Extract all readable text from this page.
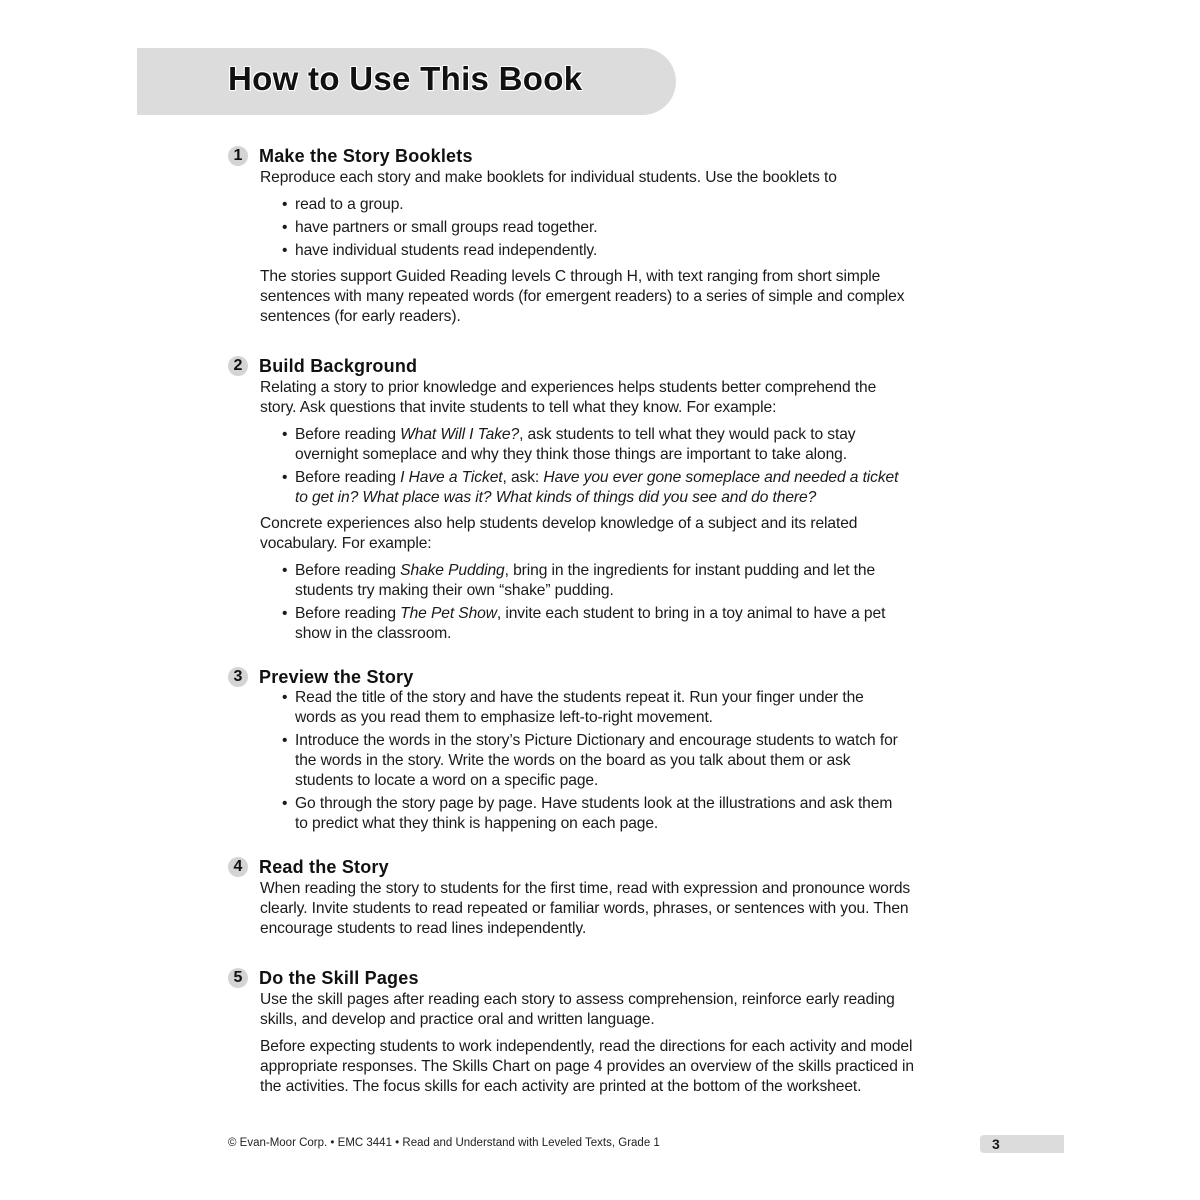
How to Use This Book
1 Make the Story Booklets
Reproduce each story and make booklets for individual students. Use the booklets to
• read to a group.
• have partners or small groups read together.
• have individual students read independently.
The stories support Guided Reading levels C through H, with text ranging from short simple sentences with many repeated words (for emergent readers) to a series of simple and complex sentences (for early readers).
2 Build Background
Relating a story to prior knowledge and experiences helps students better comprehend the story. Ask questions that invite students to tell what they know. For example:
• Before reading What Will I Take?, ask students to tell what they would pack to stay overnight someplace and why they think those things are important to take along.
• Before reading I Have a Ticket, ask: Have you ever gone someplace and needed a ticket to get in? What place was it? What kinds of things did you see and do there?
Concrete experiences also help students develop knowledge of a subject and its related vocabulary. For example:
• Before reading Shake Pudding, bring in the ingredients for instant pudding and let the students try making their own “shake” pudding.
• Before reading The Pet Show, invite each student to bring in a toy animal to have a pet show in the classroom.
3 Preview the Story
• Read the title of the story and have the students repeat it. Run your finger under the words as you read them to emphasize left-to-right movement.
• Introduce the words in the story’s Picture Dictionary and encourage students to watch for the words in the story. Write the words on the board as you talk about them or ask students to locate a word on a specific page.
• Go through the story page by page. Have students look at the illustrations and ask them to predict what they think is happening on each page.
4 Read the Story
When reading the story to students for the first time, read with expression and pronounce words clearly. Invite students to read repeated or familiar words, phrases, or sentences with you. Then encourage students to read lines independently.
5 Do the Skill Pages
Use the skill pages after reading each story to assess comprehension, reinforce early reading skills, and develop and practice oral and written language.
Before expecting students to work independently, read the directions for each activity and model appropriate responses. The Skills Chart on page 4 provides an overview of the skills practiced in the activities. The focus skills for each activity are printed at the bottom of the worksheet.
© Evan-Moor Corp. • EMC 3441 • Read and Understand with Leveled Texts, Grade 1	3
